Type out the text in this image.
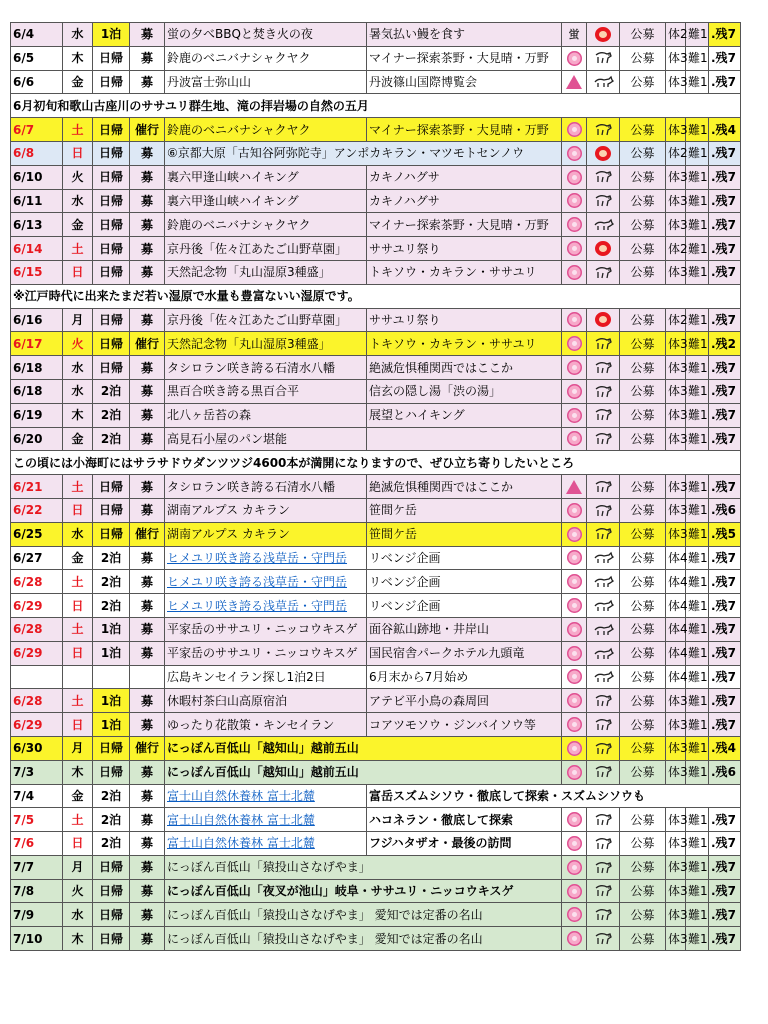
6/4	水	1泊	募	蛍の夕べBBQと焚き火の夜	暑気払い鰻を食す	蛍		公募	体2	難1	.残7
6/5	木	日帰	募	鈴鹿のベニバナシャクヤク	マイナー探索茶野・大見晴・万野			公募	体3	難1	.残7
6/6	金	日帰	募	丹波富士弥山山	丹波篠山国際博覧会			公募	体3	難1	.残7
6月初旬和歌山古座川のササユリ群生地、滝の拝岩場の自然の五月											
6/7	土	日帰	催行	鈴鹿のベニバナシャクヤク	マイナー探索茶野・大見晴・万野			公募	体3	難1	.残4
6/8	日	日帰	募	⑥京都大原「古知谷阿弥陀寺」アンポカキラン・マツモトセンノウ				公募	体2	難1	.残7
6/10	火	日帰	募	裏六甲逢山峡ハイキング	カキノハグサ			公募	体3	難1	.残7
6/11	水	日帰	募	裏六甲逢山峡ハイキング	カキノハグサ			公募	体3	難1	.残7
6/13	金	日帰	募	鈴鹿のベニバナシャクヤク	マイナー探索茶野・大見晴・万野			公募	体3	難1	.残7
6/14	土	日帰	募	京丹後「佐々江あたご山野草園」	ササユリ祭り			公募	体2	難1	.残7
6/15	日	日帰	募	天然記念物「丸山湿原3種盛」	トキソウ・カキラン・ササユリ			公募	体3	難1	.残7
※江戸時代に出来たまだ若い湿原で水量も豊富ないい湿原です。											
6/16	月	日帰	募	京丹後「佐々江あたご山野草園」	ササユリ祭り			公募	体2	難1	.残7
6/17	火	日帰	催行	天然記念物「丸山湿原3種盛」	トキソウ・カキラン・ササユリ			公募	体3	難1	.残2
6/18	水	日帰	募	タシロラン咲き誇る石清水八幡	絶滅危惧種関西ではここか			公募	体3	難1	.残7
6/18	水	2泊	募	黒百合咲き誇る黒百合平	信玄の隠し湯「渋の湯」			公募	体3	難1	.残7
6/19	木	2泊	募	北八ヶ岳苔の森	展望とハイキング			公募	体3	難1	.残7
6/20	金	2泊	募	高見石小屋のパン堪能				公募	体3	難1	.残7
この頃には小海町にはサラサドウダンツツジ4600本が満開になりますので、ぜひ立ち寄りしたいところ											
6/21	土	日帰	募	タシロラン咲き誇る石清水八幡	絶滅危惧種関西ではここか			公募	体3	難1	.残7
6/22	日	日帰	募	湖南アルプス カキラン	笹間ケ岳			公募	体3	難1	.残6
6/25	水	日帰	催行	湖南アルプス カキラン	笹間ケ岳			公募	体3	難1	.残5
6/27	金	2泊	募	ヒメユリ咲き誇る浅草岳・守門岳	リベンジ企画			公募	体4	難1	.残7
6/28	土	2泊	募	ヒメユリ咲き誇る浅草岳・守門岳	リベンジ企画			公募	体4	難1	.残7
6/29	日	2泊	募	ヒメユリ咲き誇る浅草岳・守門岳	リベンジ企画			公募	体4	難1	.残7
6/28	土	1泊	募	平家岳のササユリ・ニッコウキスゲ	面谷鉱山跡地・井岸山			公募	体4	難1	.残7
6/29	日	1泊	募	平家岳のササユリ・ニッコウキスゲ	国民宿舎パークホテル九頭竜			公募	体4	難1	.残7
				広島キンセイラン探し1泊2日	6月末から7月始め			公募	体4	難1	.残7
6/28	土	1泊	募	休暇村茶臼山高原宿泊	アテビ平小鳥の森周回			公募	体3	難1	.残7
6/29	日	1泊	募	ゆったり花散策・キンセイラン	コアツモソウ・ジンバイソウ等			公募	体3	難1	.残7
6/30	月	日帰	催行	にっぽん百低山「越知山」越前五山				公募	体3	難1	.残4
7/3	木	日帰	募	にっぽん百低山「越知山」越前五山				公募	体3	難1	.残6
7/4	金	2泊	募	富士山自然休養林 富士北麓	富岳スズムシソウ・徹底して探索・スズムシソウも						
7/5	土	2泊	募	富士山自然休養林 富士北麓	ハコネラン・徹底して探索			公募	体3	難1	.残7
7/6	日	2泊	募	富士山自然休養林 富士北麓	フジハタザオ・最後の訪問			公募	体3	難1	.残7
7/7	月	日帰	募	にっぽん百低山「猿投山さなげやま」				公募	体3	難1	.残7
7/8	火	日帰	募	にっぽん百低山「夜叉が池山」岐阜・ササユリ・ニッコウキスゲ				公募	体3	難1	.残7
7/9	水	日帰	募	にっぽん百低山「猿投山さなげやま」 愛知では定番の名山				公募	体3	難1	.残7
7/10	木	日帰	募	にっぽん百低山「猿投山さなげやま」 愛知では定番の名山				公募	体3	難1	.残7
